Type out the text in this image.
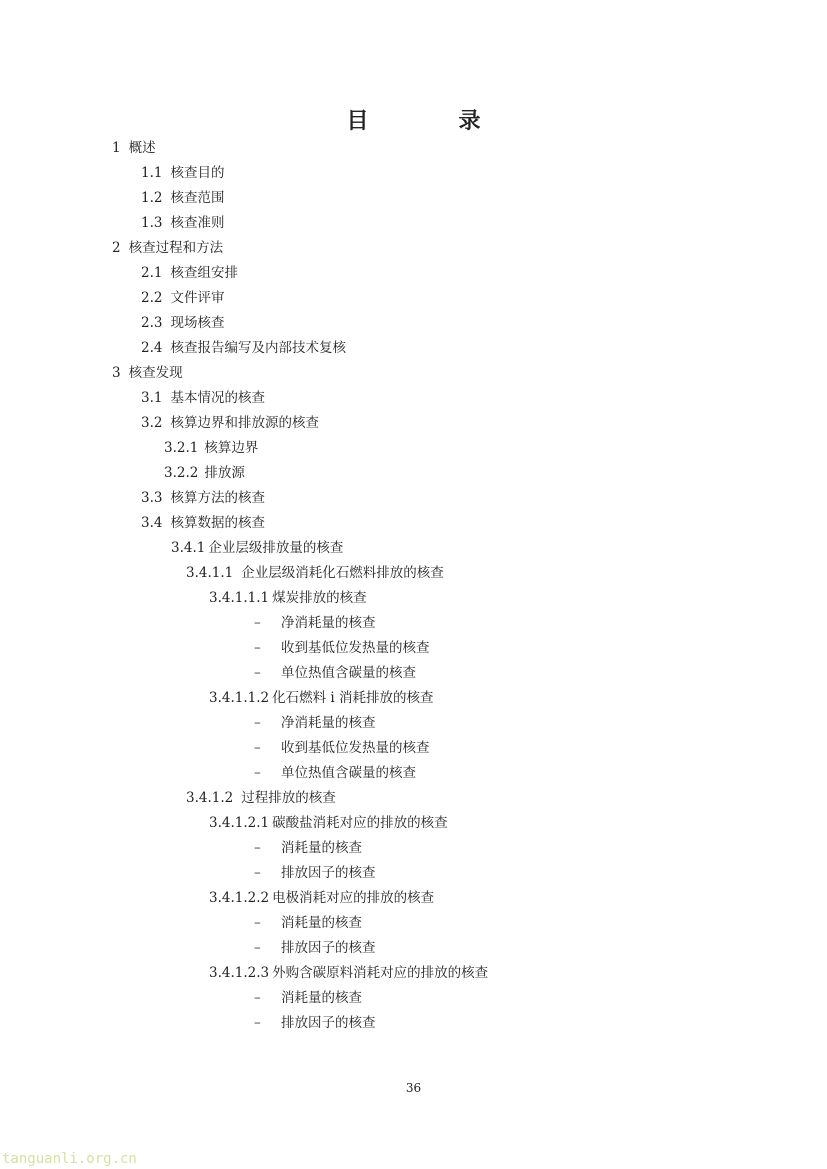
目　录
1 概述
1.1 核查目的
1.2 核查范围
1.3 核查准则
2 核查过程和方法
2.1 核查组安排
2.2 文件评审
2.3 现场核查
2.4 核查报告编写及内部技术复核
3 核查发现
3.1 基本情况的核查
3.2 核算边界和排放源的核查
3.2.1 核算边界
3.2.2 排放源
3.3 核算方法的核查
3.4 核算数据的核查
3.4.1 企业层级排放量的核查
3.4.1.1 企业层级消耗化石燃料排放的核查
3.4.1.1.1 煤炭排放的核查
– 净消耗量的核查
– 收到基低位发热量的核查
– 单位热值含碳量的核查
3.4.1.1.2 化石燃料 i 消耗排放的核查
– 净消耗量的核查
– 收到基低位发热量的核查
– 单位热值含碳量的核查
3.4.1.2 过程排放的核查
3.4.1.2.1 碳酸盐消耗对应的排放的核查
– 消耗量的核查
– 排放因子的核查
3.4.1.2.2 电极消耗对应的排放的核查
– 消耗量的核查
– 排放因子的核查
3.4.1.2.3 外购含碳原料消耗对应的排放的核查
– 消耗量的核查
– 排放因子的核查
36
tanguanli.org.cn
